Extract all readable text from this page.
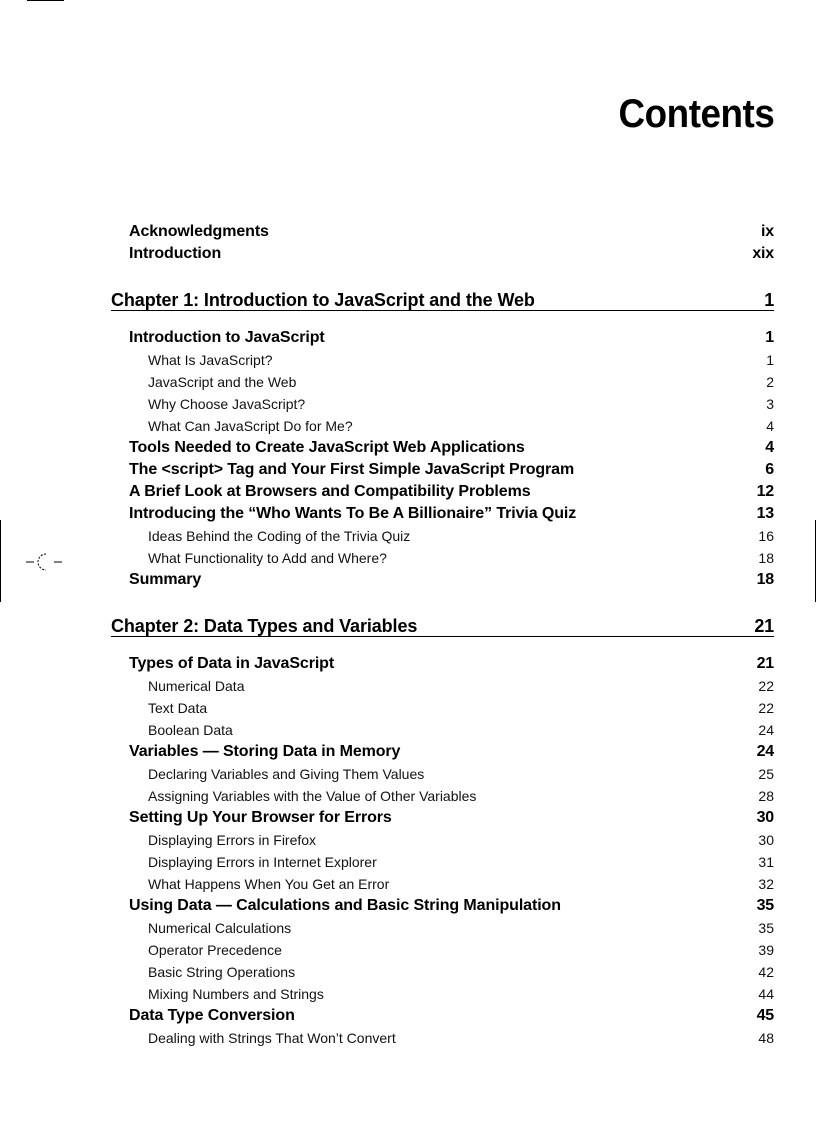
Contents
Acknowledgments	ix
Introduction	xix
Chapter 1: Introduction to JavaScript and the Web	1
Introduction to JavaScript	1
What Is JavaScript?	1
JavaScript and the Web	2
Why Choose JavaScript?	3
What Can JavaScript Do for Me?	4
Tools Needed to Create JavaScript Web Applications	4
The <script> Tag and Your First Simple JavaScript Program	6
A Brief Look at Browsers and Compatibility Problems	12
Introducing the “Who Wants To Be A Billionaire” Trivia Quiz	13
Ideas Behind the Coding of the Trivia Quiz	16
What Functionality to Add and Where?	18
Summary	18
Chapter 2: Data Types and Variables	21
Types of Data in JavaScript	21
Numerical Data	22
Text Data	22
Boolean Data	24
Variables — Storing Data in Memory	24
Declaring Variables and Giving Them Values	25
Assigning Variables with the Value of Other Variables	28
Setting Up Your Browser for Errors	30
Displaying Errors in Firefox	30
Displaying Errors in Internet Explorer	31
What Happens When You Get an Error	32
Using Data — Calculations and Basic String Manipulation	35
Numerical Calculations	35
Operator Precedence	39
Basic String Operations	42
Mixing Numbers and Strings	44
Data Type Conversion	45
Dealing with Strings That Won’t Convert	48
